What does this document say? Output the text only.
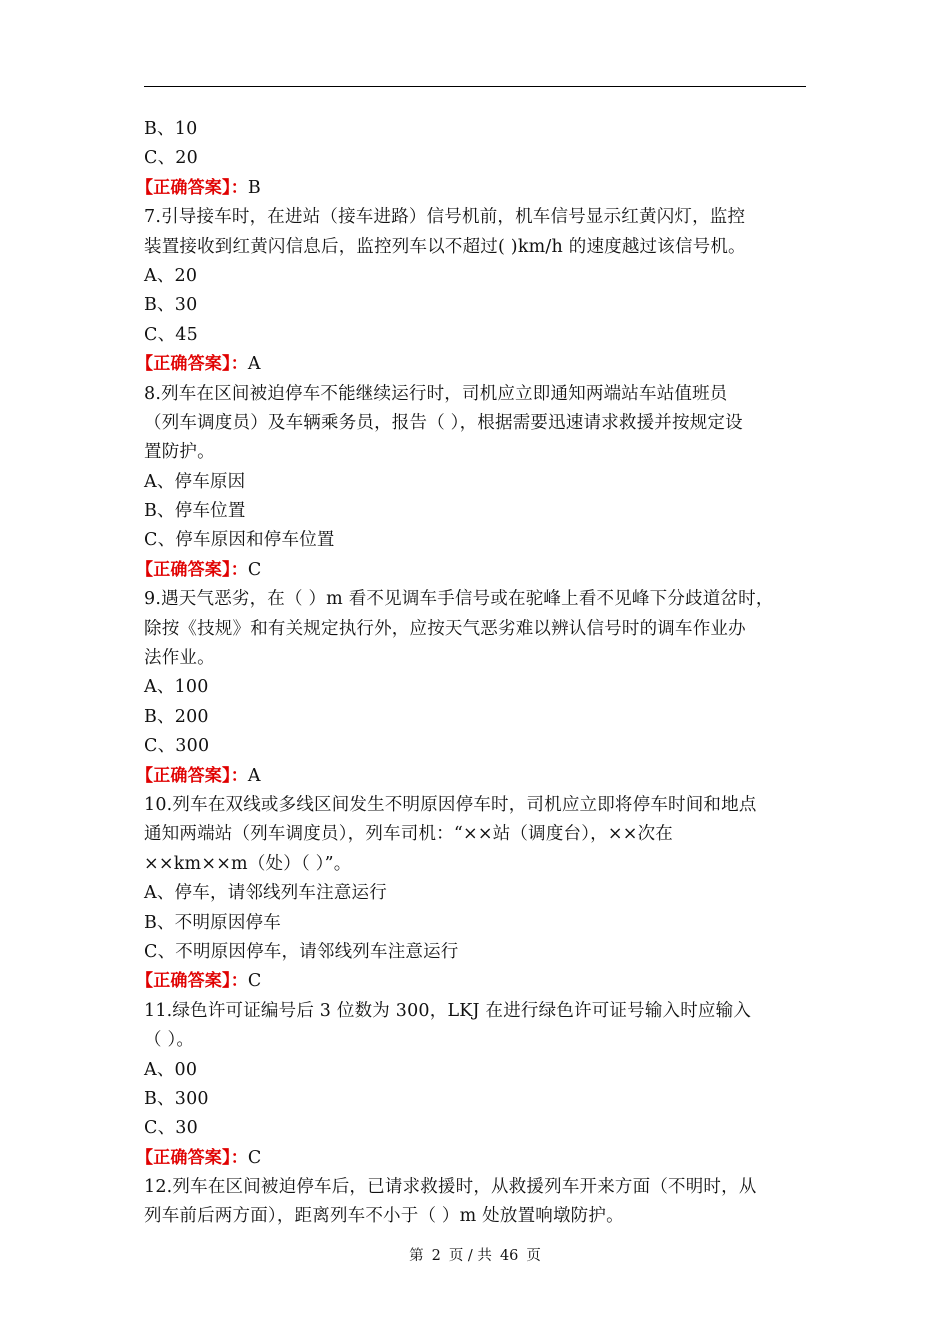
B、10
C、20
【正确答案】：B
7.引导接车时，在进站（接车进路）信号机前，机车信号显示红黄闪灯，监控
装置接收到红黄闪信息后，监控列车以不超过( )km/h 的速度越过该信号机。
A、20
B、30
C、45
【正确答案】：A
8.列车在区间被迫停车不能继续运行时，司机应立即通知两端站车站值班员
（列车调度员）及车辆乘务员，报告（ ），根据需要迅速请求救援并按规定设
置防护。
A、停车原因
B、停车位置
C、停车原因和停车位置
【正确答案】：C
9.遇天气恶劣，在（ ）m 看不见调车手信号或在驼峰上看不见峰下分歧道岔时，
除按《技规》和有关规定执行外，应按天气恶劣难以辨认信号时的调车作业办
法作业。
A、100
B、200
C、300
【正确答案】：A
10.列车在双线或多线区间发生不明原因停车时，司机应立即将停车时间和地点
通知两端站（列车调度员），列车司机：“××站（调度台），××次在
××km××m（处）（ ）”。
A、停车，请邻线列车注意运行
B、不明原因停车
C、不明原因停车，请邻线列车注意运行
【正确答案】：C
11.绿色许可证编号后 3 位数为 300，LKJ 在进行绿色许可证号输入时应输入
（ ）。
A、00
B、300
C、30
【正确答案】：C
12.列车在区间被迫停车后，已请求救援时，从救援列车开来方面（不明时，从
列车前后两方面），距离列车不小于（ ）m 处放置响墩防护。
第 2 页 / 共 46 页
